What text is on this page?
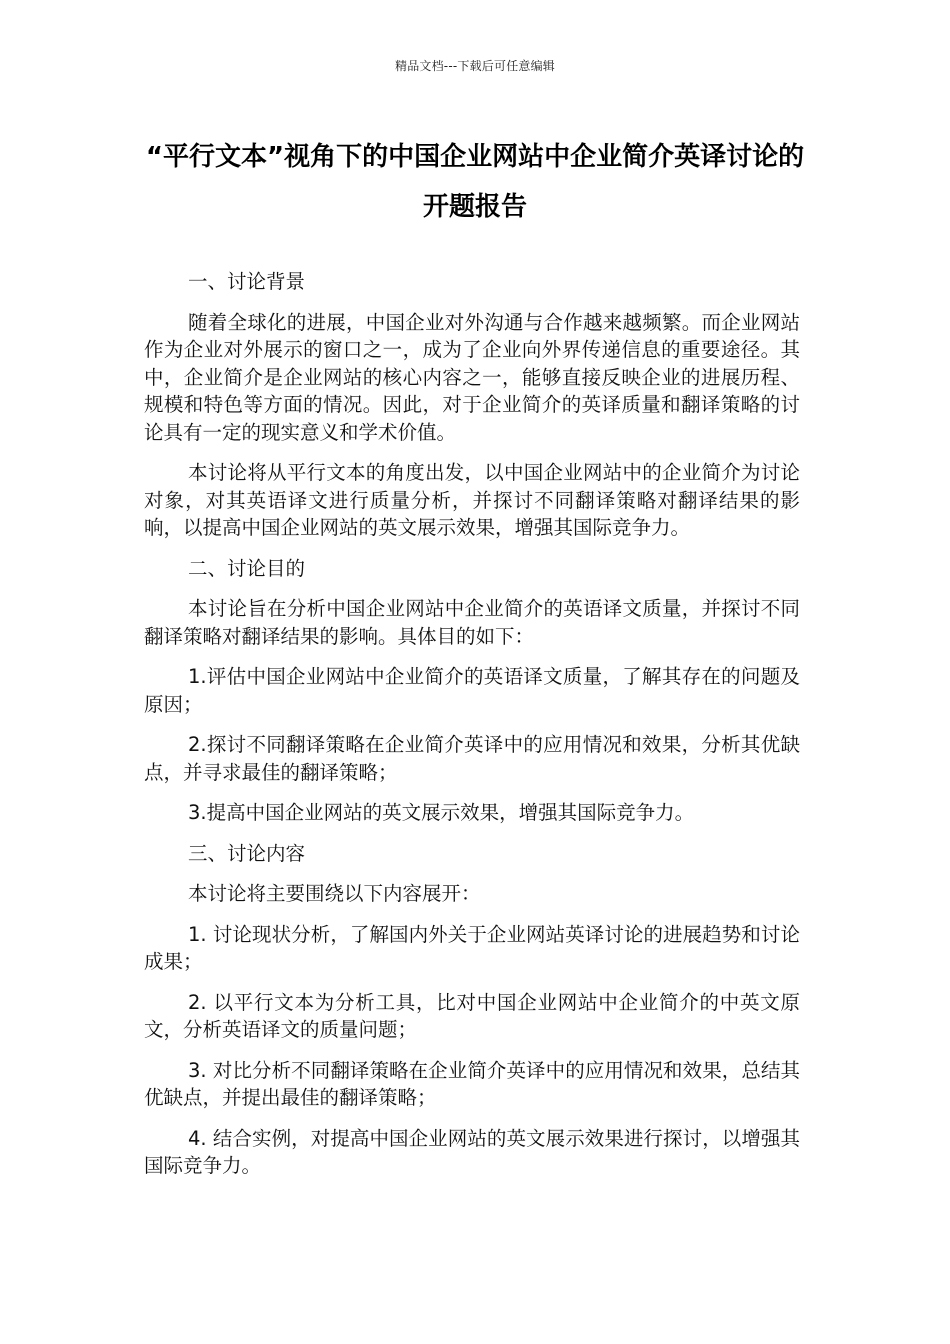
精品文档---下载后可任意编辑
“平行文本”视角下的中国企业网站中企业简介英译讨论的开题报告

一、讨论背景

随着全球化的进展，中国企业对外沟通与合作越来越频繁。而企业网站作为企业对外展示的窗口之一，成为了企业向外界传递信息的重要途径。其中，企业简介是企业网站的核心内容之一，能够直接反映企业的进展历程、规模和特色等方面的情况。因此，对于企业简介的英译质量和翻译策略的讨论具有一定的现实意义和学术价值。

本讨论将从平行文本的角度出发，以中国企业网站中的企业简介为讨论对象，对其英语译文进行质量分析，并探讨不同翻译策略对翻译结果的影响，以提高中国企业网站的英文展示效果，增强其国际竞争力。

二、讨论目的

本讨论旨在分析中国企业网站中企业简介的英语译文质量，并探讨不同翻译策略对翻译结果的影响。具体目的如下：

1.评估中国企业网站中企业简介的英语译文质量，了解其存在的问题及原因；

2.探讨不同翻译策略在企业简介英译中的应用情况和效果，分析其优缺点，并寻求最佳的翻译策略；

3.提高中国企业网站的英文展示效果，增强其国际竞争力。

三、讨论内容

本讨论将主要围绕以下内容展开：

1. 讨论现状分析，了解国内外关于企业网站英译讨论的进展趋势和讨论成果；

2. 以平行文本为分析工具，比对中国企业网站中企业简介的中英文原文，分析英语译文的质量问题；

3. 对比分析不同翻译策略在企业简介英译中的应用情况和效果，总结其优缺点，并提出最佳的翻译策略；

4. 结合实例，对提高中国企业网站的英文展示效果进行探讨，以增强其国际竞争力。
